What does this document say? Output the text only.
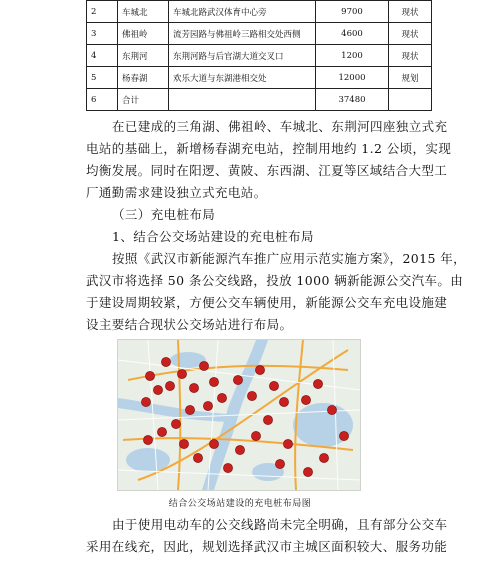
2	车城北	车城北路武汉体育中心旁	9700	现状
3	佛祖岭	流芳园路与佛祖岭三路相交处西侧	4600	现状
4	东荆河	东荆河路与后官湖大道交叉口	1200	现状
5	杨春湖	欢乐大道与东湖港相交处	12000	规划
6	合计		37480	
在已建成的三角湖、佛祖岭、车城北、东荆河四座独立式充
电站的基础上，新增杨春湖充电站，控制用地约 1.2 公顷，实现
均衡发展。同时在阳逻、黄陂、东西湖、江夏等区域结合大型工
厂通勤需求建设独立式充电站。
（三）充电桩布局
1、结合公交场站建设的充电桩布局
按照《武汉市新能源汽车推广应用示范实施方案》，2015 年，
武汉市将选择 50 条公交线路，投放 1000 辆新能源公交汽车。由
于建设周期较紧，方便公交车辆使用，新能源公交车充电设施建
设主要结合现状公交场站进行布局。
结合公交场站建设的充电桩布局图
由于使用电动车的公交线路尚未完全明确，且有部分公交车
采用在线充，因此，规划选择武汉市主城区面积较大、服务功能
